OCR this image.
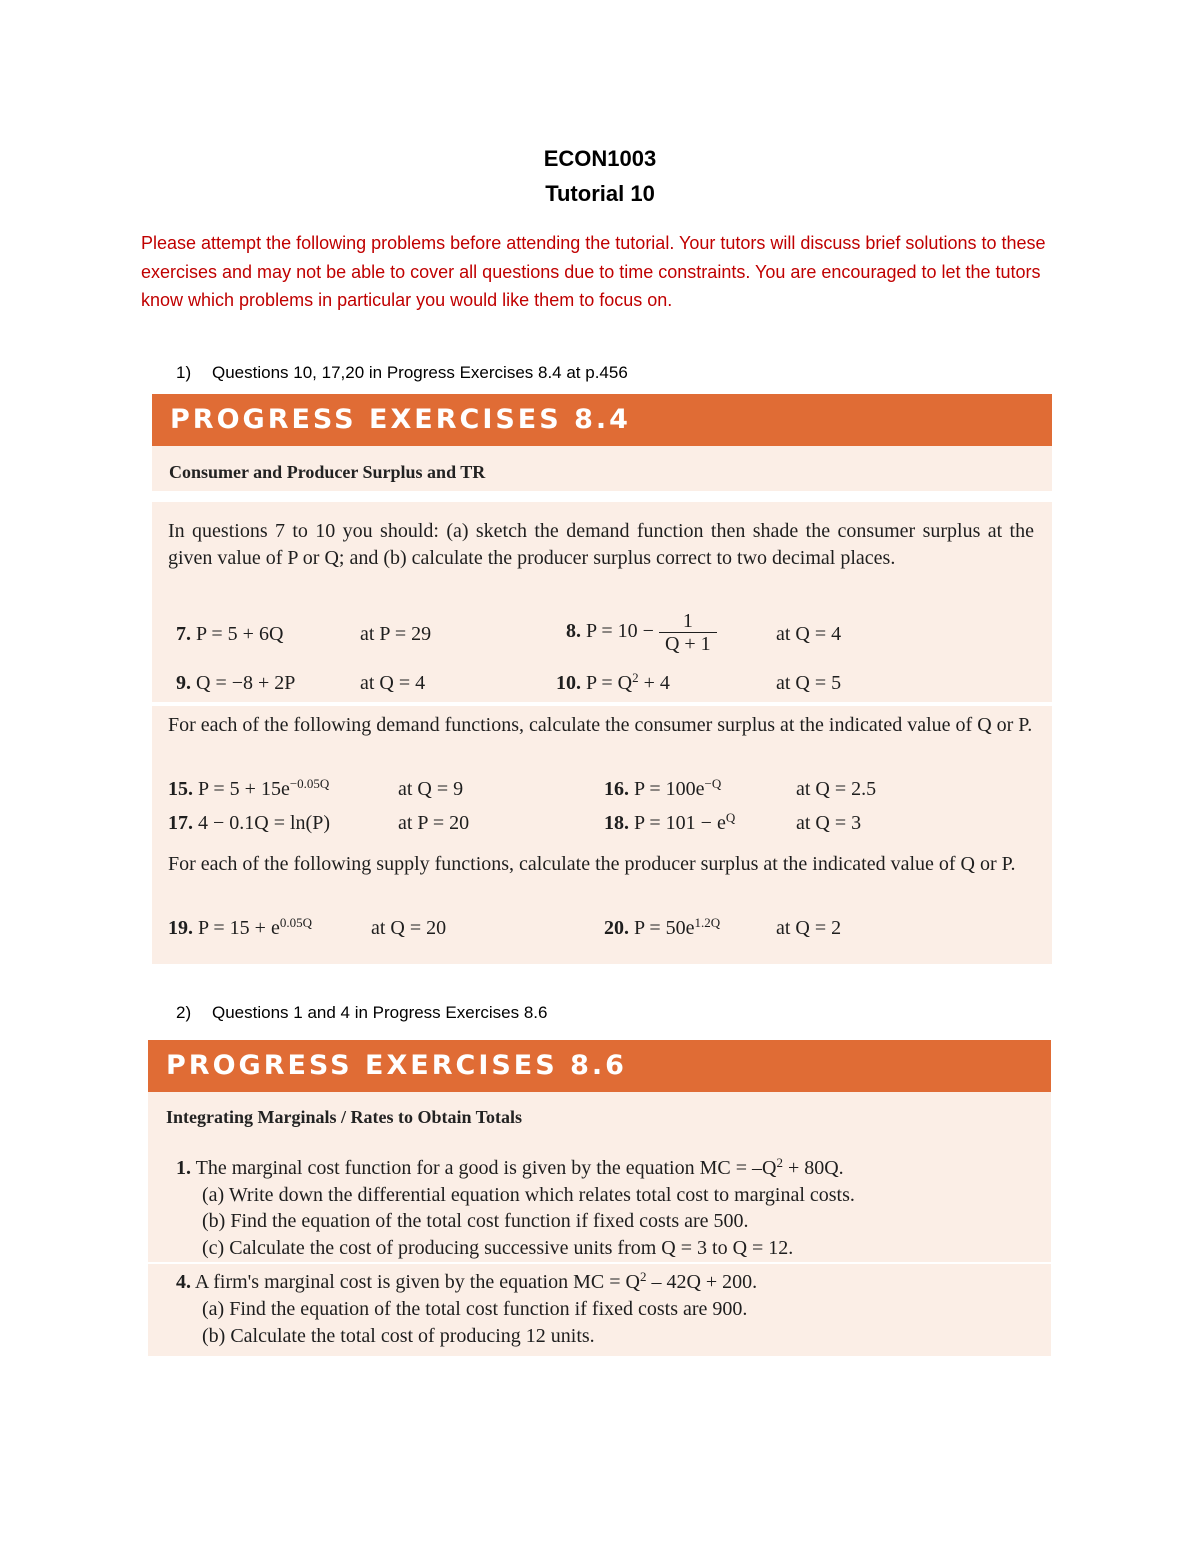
ECON1003
Tutorial 10
Please attempt the following problems before attending the tutorial. Your tutors will discuss brief solutions to these exercises and may not be able to cover all questions due to time constraints. You are encouraged to let the tutors know which problems in particular you would like them to focus on.
1) Questions 10, 17,20 in Progress Exercises 8.4 at p.456
PROGRESS EXERCISES 8.4
Consumer and Producer Surplus and TR
In questions 7 to 10 you should: (a) sketch the demand function then shade the consumer surplus at the given value of P or Q; and (b) calculate the producer surplus correct to two decimal places.
7. P = 5 + 6Q	at P = 29	8. $P = 10 - \frac{1}{Q + 1}$	at Q = 4
9. Q = −8 + 2P	at Q = 4	10. $P = Q^2 + 4$	at Q = 5
For each of the following demand functions, calculate the consumer surplus at the indicated value of Q or P.
15. $P = 5 + 15e^{-0.05Q}$	at Q = 9	16. $P = 100e^{-Q}$	at Q = 2.5
17. 4 − 0.1Q = ln(P)	at P = 20	18. $P = 101 - e^Q$	at Q = 3
For each of the following supply functions, calculate the producer surplus at the indicated value of Q or P.
19. $P = 15 + e^{0.05Q}$	at Q = 20	20. $P = 50e^{1.2Q}$	at Q = 2
2) Questions 1 and 4 in Progress Exercises 8.6
PROGRESS EXERCISES 8.6
Integrating Marginals / Rates to Obtain Totals
1. The marginal cost function for a good is given by the equation MC = $-Q^2 + 80Q$.
(a) Write down the differential equation which relates total cost to marginal costs.
(b) Find the equation of the total cost function if fixed costs are 500.
(c) Calculate the cost of producing successive units from Q = 3 to Q = 12.
4. A firm's marginal cost is given by the equation MC = $Q^2 - 42Q + 200$.
(a) Find the equation of the total cost function if fixed costs are 900.
(b) Calculate the total cost of producing 12 units.
